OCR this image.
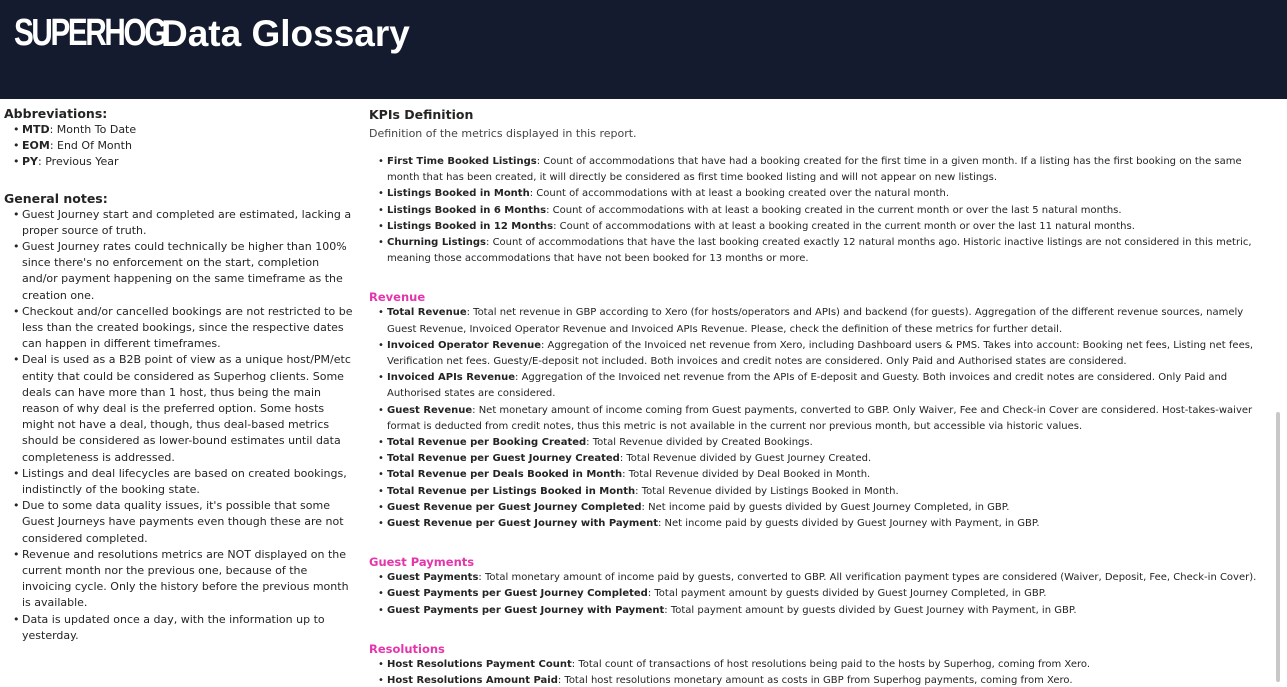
SUPERHOG
Data Glossary
Abbreviations:
• MTD: Month To Date
• EOM: End Of Month
• PY: Previous Year
General notes:
• Guest Journey start and completed are estimated, lacking a proper source of truth.
• Guest Journey rates could technically be higher than 100% since there's no enforcement on the start, completion and/or payment happening on the same timeframe as the creation one.
• Checkout and/or cancelled bookings are not restricted to be less than the created bookings, since the respective dates can happen in different timeframes.
• Deal is used as a B2B point of view as a unique host/PM/etc entity that could be considered as Superhog clients. Some deals can have more than 1 host, thus being the main reason of why deal is the preferred option. Some hosts might not have a deal, though, thus deal-based metrics should be considered as lower-bound estimates until data completeness is addressed.
• Listings and deal lifecycles are based on created bookings, indistinctly of the booking state.
• Due to some data quality issues, it's possible that some Guest Journeys have payments even though these are not considered completed.
• Revenue and resolutions metrics are NOT displayed on the current month nor the previous one, because of the invoicing cycle. Only the history before the previous month is available.
• Data is updated once a day, with the information up to yesterday.
KPIs Definition
Definition of the metrics displayed in this report.
• First Time Booked Listings: Count of accommodations that have had a booking created for the first time in a given month. If a listing has the first booking on the same month that has been created, it will directly be considered as first time booked listing and will not appear on new listings.
• Listings Booked in Month: Count of accommodations with at least a booking created over the natural month.
• Listings Booked in 6 Months: Count of accommodations with at least a booking created in the current month or over the last 5 natural months.
• Listings Booked in 12 Months: Count of accommodations with at least a booking created in the current month or over the last 11 natural months.
• Churning Listings: Count of accommodations that have the last booking created exactly 12 natural months ago. Historic inactive listings are not considered in this metric, meaning those accommodations that have not been booked for 13 months or more.
Revenue
• Total Revenue: Total net revenue in GBP according to Xero (for hosts/operators and APIs) and backend (for guests). Aggregation of the different revenue sources, namely Guest Revenue, Invoiced Operator Revenue and Invoiced APIs Revenue. Please, check the definition of these metrics for further detail.
• Invoiced Operator Revenue: Aggregation of the Invoiced net revenue from Xero, including Dashboard users & PMS. Takes into account: Booking net fees, Listing net fees, Verification net fees. Guesty/E-deposit not included. Both invoices and credit notes are considered. Only Paid and Authorised states are considered.
• Invoiced APIs Revenue: Aggregation of the Invoiced net revenue from the APIs of E-deposit and Guesty. Both invoices and credit notes are considered. Only Paid and Authorised states are considered.
• Guest Revenue: Net monetary amount of income coming from Guest payments, converted to GBP. Only Waiver, Fee and Check-in Cover are considered. Host-takes-waiver format is deducted from credit notes, thus this metric is not available in the current nor previous month, but accessible via historic values.
• Total Revenue per Booking Created: Total Revenue divided by Created Bookings.
• Total Revenue per Guest Journey Created: Total Revenue divided by Guest Journey Created.
• Total Revenue per Deals Booked in Month: Total Revenue divided by Deal Booked in Month.
• Total Revenue per Listings Booked in Month: Total Revenue divided by Listings Booked in Month.
• Guest Revenue per Guest Journey Completed: Net income paid by guests divided by Guest Journey Completed, in GBP.
• Guest Revenue per Guest Journey with Payment: Net income paid by guests divided by Guest Journey with Payment, in GBP.
Guest Payments
• Guest Payments: Total monetary amount of income paid by guests, converted to GBP. All verification payment types are considered (Waiver, Deposit, Fee, Check-in Cover).
• Guest Payments per Guest Journey Completed: Total payment amount by guests divided by Guest Journey Completed, in GBP.
• Guest Payments per Guest Journey with Payment: Total payment amount by guests divided by Guest Journey with Payment, in GBP.
Resolutions
• Host Resolutions Payment Count: Total count of transactions of host resolutions being paid to the hosts by Superhog, coming from Xero.
• Host Resolutions Amount Paid: Total host resolutions monetary amount as costs in GBP from Superhog payments, coming from Xero.
